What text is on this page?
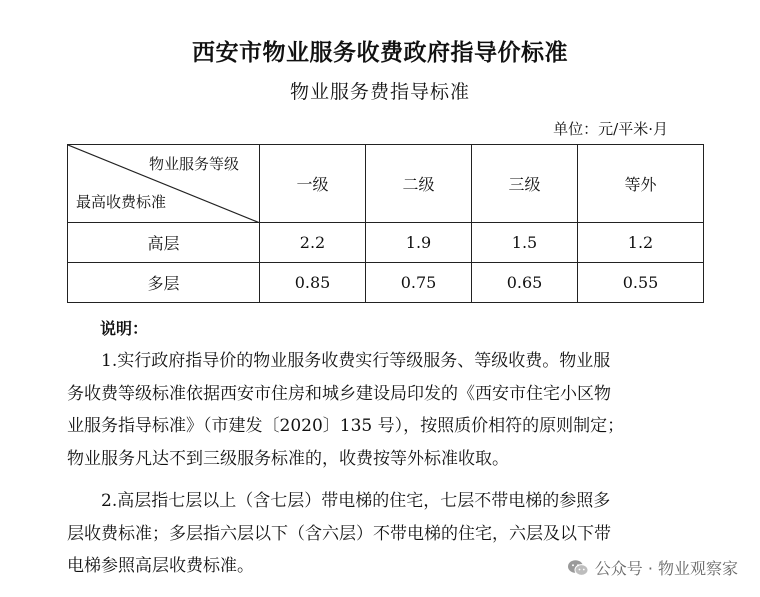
西安市物业服务收费政府指导价标准
物业服务费指导标准
单位：元/平米·月
物业服务等级
最高收费标准	一级	二级	三级	等外
高层	2.2	1.9	1.5	1.2
多层	0.85	0.75	0.65	0.55
说明：
1.实行政府指导价的物业服务收费实行等级服务、等级收费。物业服
务收费等级标准依据西安市住房和城乡建设局印发的《西安市住宅小区物
业服务指导标准》（市建发〔2020〕135 号），按照质价相符的原则制定；
物业服务凡达不到三级服务标准的，收费按等外标准收取。
2.高层指七层以上（含七层）带电梯的住宅，七层不带电梯的参照多
层收费标准；多层指六层以下（含六层）不带电梯的住宅，六层及以下带
电梯参照高层收费标准。	公众号 · 物业观察家
